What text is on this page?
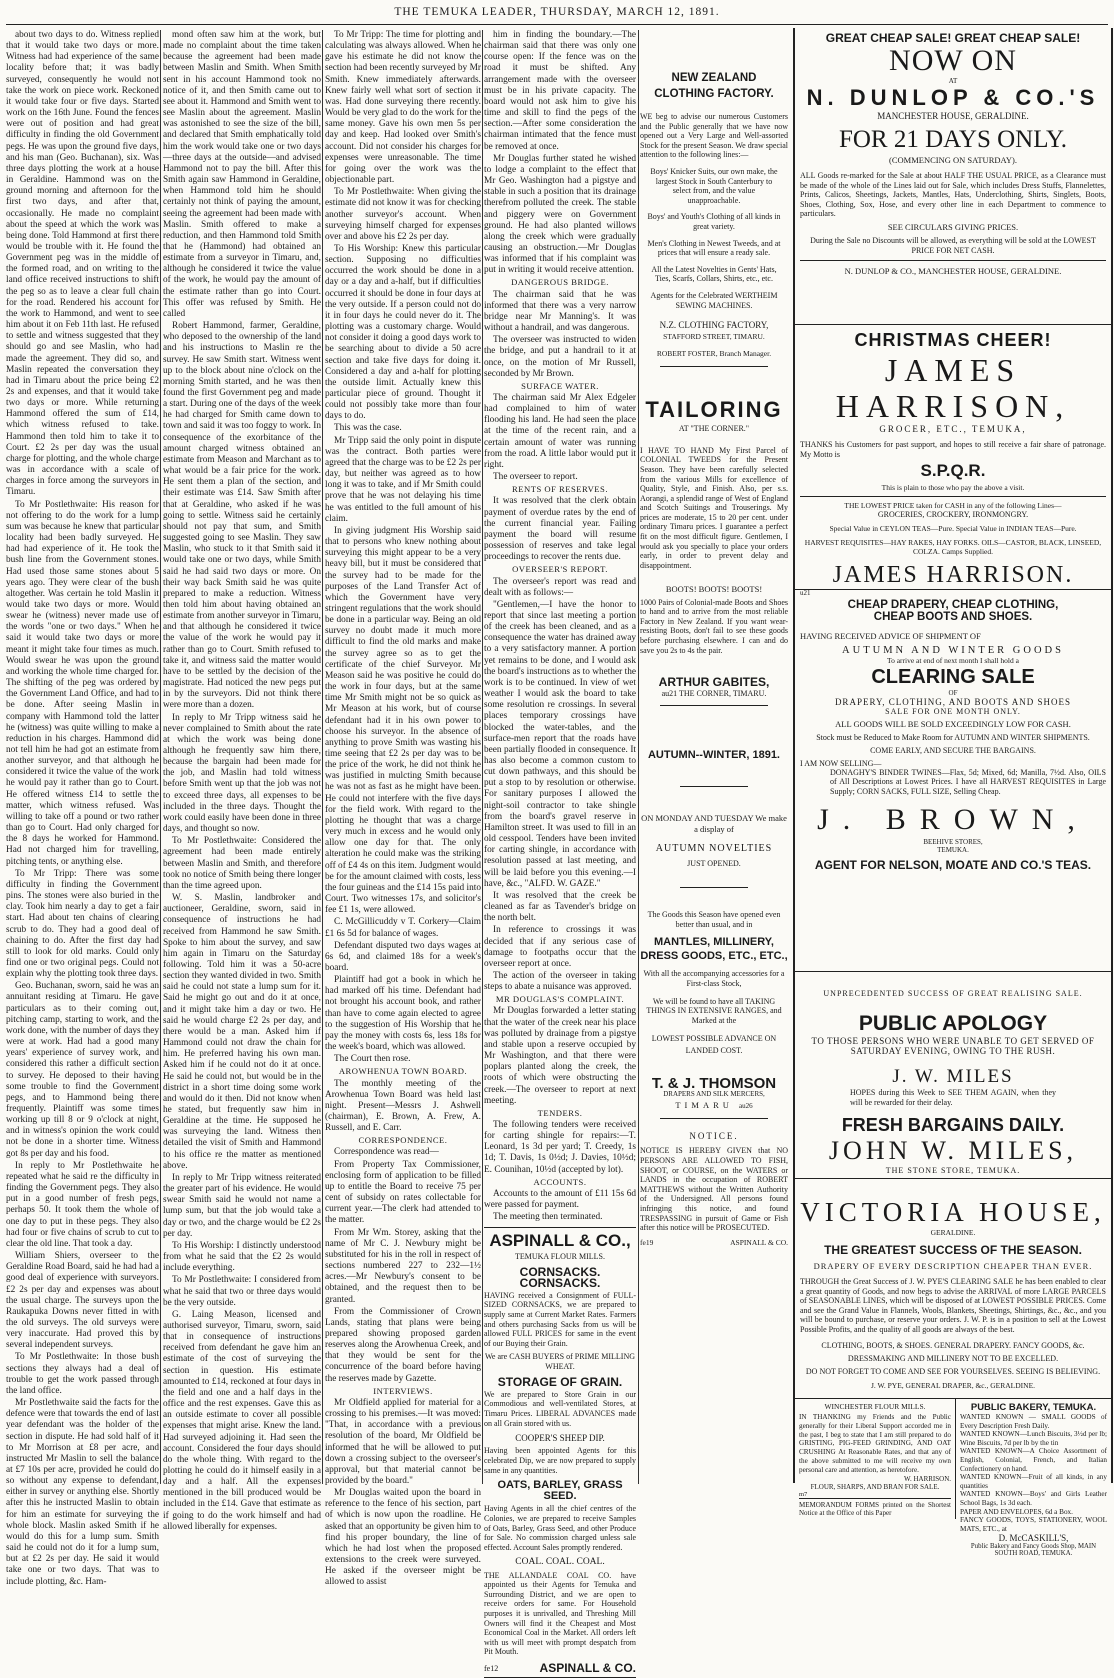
THE TEMUKA LEADER, THURSDAY, MARCH 12, 1891.

about two days to do. Witness replied that it would take two days or more. Witness had had experience of the same locality before that; it was badly surveyed, consequently he would not take the work on piece work. Reckoned it would take four or five days. Started work on the 16th June. Found the fences were out of position and had great difficulty in finding the old Government pegs. He was upon the ground five days, and his man (Geo. Buchanan), six. Was three days plotting the work at a house in Geraldine. Hammond was on the ground morning and afternoon for the first two days, and after that, occasionally. He made no complaint about the speed at which the work was being done. Told Hammond at first there would be trouble with it. He found the Government peg was in the middle of the formed road, and on writing to the land office received instructions to shift the peg so as to leave a clear full chain for the road. Rendered his account for the work to Hammond, and went to see him about it on Feb 11th last. He refused to settle and witness suggested that they should go and see Maslin, who had made the agreement. They did so, and Maslin repeated the conversation they had in Timaru about the price being £2 2s and expenses, and that it would take two days or more. While returning Hammond offered the sum of £14, which witness refused to take. Hammond then told him to take it to Court. £2 2s per day was the usual charge for plotting, and the whole charge was in accordance with a scale of charges in force among the surveyors in Timaru.

To Mr Postlethwaite: His reason for not offering to do the work for a lump sum was because he knew that particular locality had been badly surveyed. He had had experience of it. He took the bush line from the Government stones. Had used those same stones about 5 years ago. They were clear of the bush altogether. Was certain he told Maslin it would take two days or more. Would swear he (witness) never made use of the words "one or two days." When he said it would take two days or more meant it might take four times as much. Would swear he was upon the ground and working the whole time charged for. The shifting of the peg was ordered by the Government Land Office, and had to be done. After seeing Maslin in company with Hammond told the latter he (witness) was quite willing to make a reduction in his charges. Hammond did not tell him he had got an estimate from another surveyor, and that although he considered it twice the value of the work he would pay it rather than go to Court. He offered witness £14 to settle the matter, which witness refused. Was willing to take off a pound or two rather than go to Court. Had only charged for the 8 days he worked for Hammond. Had not charged him for travelling, pitching tents, or anything else.

To Mr Tripp: There was some difficulty in finding the Government pins. The stones were also buried in the clay. Took him nearly a day to get a fair start. Had about ten chains of clearing scrub to do. They had a good deal of chaining to do. After the first day had still to look for old marks. Could only find one or two original pegs. Could not explain why the plotting took three days.

Geo. Buchanan, sworn, said he was an annuitant residing at Timaru. He gave particulars as to their coming out, pitching camp, starting to work, and the work done, with the number of days they were at work. Had had a good many years' experience of survey work, and considered this rather a difficult section to survey. He deposed to their having some trouble to find the Government pegs, and to Hammond being there frequently. Plaintiff was some times working up till 8 or 9 o'clock at night, and in witness's opinion the work could not be done in a shorter time. Witness got 8s per day and his food.

In reply to Mr Postlethwaite he repeated what he said re the difficulty in finding the Government pegs. They also put in a good number of fresh pegs, perhaps 50. It took them the whole of one day to put in these pegs. They also had four or five chains of scrub to cut to clear the old line. That took a day.

William Shiers, overseer to the Geraldine Road Board, said he had had a good deal of experience with surveyors. £2 2s per day and expenses was about the usual charge. The surveys upon the Raukapuka Downs never fitted in with the old surveys. The old surveys were very inaccurate. Had proved this by several independent surveys.

To Mr Postlethwaite: In those bush sections they always had a deal of trouble to get the work passed through the land office.

Mr Postlethwaite said the facts for the defence were that towards the end of last year defendant was the holder of the section in dispute. He had sold half of it to Mr Morrison at £8 per acre, and instructed Mr Maslin to sell the balance at £7 10s per acre, provided he could do so without any expense to defendant, either in survey or anything else. Shortly after this he instructed Maslin to obtain for him an estimate for surveying the whole block. Maslin asked Smith if he would do this for a lump sum. Smith said he could not do it for a lump sum, but at £2 2s per day. He said it would take one or two days. That was to include plotting, &c. Ham-

mond often saw him at the work, but made no complaint about the time taken because the agreement had been made between Maslin and Smith. When Smith sent in his account Hammond took no notice of it, and then Smith came out to see about it. Hammond and Smith went to see Maslin about the agreement. Maslin was astonished to see the size of the bill, and declared that Smith emphatically told him the work would take one or two days—three days at the outside—and advised Hammond not to pay the bill. After this Smith again saw Hammond in Geraldine, when Hammond told him he should certainly not think of paying the amount, seeing the agreement had been made with Maslin. Smith offered to make a reduction, and then Hammond told Smith that he (Hammond) had obtained an estimate from a surveyor in Timaru, and, although he considered it twice the value of the work, he would pay the amount of the estimate rather than go into Court. This offer was refused by Smith. He called

Robert Hammond, farmer, Geraldine, who deposed to the ownership of the land and his instructions to Maslin re the survey. He saw Smith start. Witness went up to the block about nine o'clock on the morning Smith started, and he was then found the first Government peg and made a start. During one of the days of the week he had charged for Smith came down to town and said it was too foggy to work. In consequence of the exorbitance of the amount charged witness obtained an estimate from Meason and Marchant as to what would be a fair price for the work. He sent them a plan of the section, and their estimate was £14. Saw Smith after that at Geraldine, who asked if he was going to settle. Witness said he certainly should not pay that sum, and Smith suggested going to see Maslin. They saw Maslin, who stuck to it that Smith said it would take one or two days, while Smith said he had said two days or more. On their way back Smith said he was quite prepared to make a reduction. Witness then told him about having obtained an estimate from another surveyor in Timaru, and that although he considered it twice the value of the work he would pay it rather than go to Court. Smith refused to take it, and witness said the matter would have to be settled by the decision of the magistrate. Had noticed the new pegs put in by the surveyors. Did not think there were more than a dozen.

In reply to Mr Tripp witness said he never complained to Smith about the rate at which the work was being done although he frequently saw him there, because the bargain had been made for the job, and Maslin had told witness before Smith went up that the job was not to exceed three days, all expenses to be included in the three days. Thought the work could easily have been done in three days, and thought so now.

To Mr Postlethwaite: Considered the agreement had been made entirely between Maslin and Smith, and therefore took no notice of Smith being there longer than the time agreed upon.

W. S. Maslin, landbroker and auctioneer, Geraldine, sworn, said in consequence of instructions he had received from Hammond he saw Smith. Spoke to him about the survey, and saw him again in Timaru on the Saturday following. Told him it was a 50-acre section they wanted divided in two. Smith said he could not state a lump sum for it. Said he might go out and do it at once, and it might take him a day or two. He said he would charge £2 2s per day, and there would be a man. Asked him if Hammond could not draw the chain for him. He preferred having his own man. Asked him if he could not do it at once. He said he could not, but would be in the district in a short time doing some work and would do it then. Did not know when he stated, but frequently saw him in Geraldine at the time. He supposed he was surveying the land. Witness then detailed the visit of Smith and Hammond to his office re the matter as mentioned above.

In reply to Mr Tripp witness reiterated the greater part of his evidence. He would swear Smith said he would not name a lump sum, but that the job would take a day or two, and the charge would be £2 2s per day.

To His Worship: I distinctly understood from what he said that the £2 2s would include everything.

To Mr Postlethwaite: I considered from what he said that two or three days would be the very outside.

G. Laing Meason, licensed and authorised surveyor, Timaru, sworn, said that in consequence of instructions received from defendant he gave him an estimate of the cost of surveying the section in question. His estimate amounted to £14, reckoned at four days in the field and one and a half days in the office and the rest expenses. Gave this as an outside estimate to cover all possible expenses that might arise. Knew the land. Had surveyed adjoining it. Had seen the account. Considered the four days should do the whole thing. With regard to the plotting he could do it himself easily in a day and a half. All the expenses mentioned in the bill produced would be included in the £14. Gave that estimate as if going to do the work himself and had allowed liberally for expenses.

To Mr Tripp: The time for plotting and calculating was always allowed. When he gave his estimate he did not know the section had been recently surveyed by Mr Smith. Knew immediately afterwards. Knew fairly well what sort of section it was. Had done surveying there recently. Would be very glad to do the work for the same money. Gave his own men 5s per day and keep. Had looked over Smith's account. Did not consider his charges for expenses were unreasonable. The time for going over the work was the objectionable part.

To Mr Postlethwaite: When giving the estimate did not know it was for checking another surveyor's account. When surveying himself charged for expenses over and above his £2 2s per day.

To His Worship: Knew this particular section. Supposing no difficulties occurred the work should be done in a day or a day and a-half, but if difficulties occurred it should be done in four days at the very outside. If a person could not do it in four days he could never do it. The plotting was a customary charge. Would not consider it doing a good days work to be searching about to divide a 50 acre section and take five days for doing it. Considered a day and a-half for plotting the outside limit. Actually knew this particular piece of ground. Thought it could not possibly take more than four days to do.

This was the case.

Mr Tripp said the only point in dispute was the contract. Both parties were agreed that the charge was to be £2 2s per day, but neither was agreed as to how long it was to take, and if Mr Smith could prove that he was not delaying his time he was entitled to the full amount of his claim.

In giving judgment His Worship said that to persons who knew nothing about surveying this might appear to be a very heavy bill, but it must be considered that the survey had to be made for the purposes of the Land Transfer Act of which the Government have very stringent regulations that the work should be done in a particular way. Being an old survey no doubt made it much more difficult to find the old marks and make the survey agree so as to get the certificate of the chief Surveyor. Mr Meason said he was positive he could do the work in four days, but at the same time Mr Smith might not be so quick as Mr Meason at his work, but of course defendant had it in his own power to choose his surveyor. In the absence of anything to prove Smith was wasting his time seeing that £2 2s per day was to be the price of the work, he did not think he was justified in mulcting Smith because he was not as fast as he might have been. He could not interfere with the five days for the field work. With regard to the plotting he thought that was a charge very much in excess and he would only allow one day for that. The only alteration he could make was the striking off of £4 4s on this item. Judgment would be for the amount claimed with costs, less the four guineas and the £14 15s paid into Court. Two witnesses 17s, and solicitor's fee £1 1s, were allowed.

C. McGillicuddy v T. Corkery—Claim £1 6s 5d for balance of wages.

Defendant disputed two days wages at 6s 6d, and claimed 18s for a week's board.

Plaintiff had got a book in which he had marked off his time. Defendant had not brought his account book, and rather than have to come again elected to agree to the suggestion of His Worship that he pay the money with costs 6s, less 18s for the week's board, which was allowed.

The Court then rose.

AROWHENUA TOWN BOARD.

The monthly meeting of the Arowhenua Town Board was held last night. Present—Messrs J. Ashwell (chairman), E. Brown, A. Frew, A. Russell, and E. Carr.

CORRESPONDENCE.

Correspondence was read—

From Property Tax Commissioner, enclosing form of application to be filled up to entitle the Board to receive 75 per cent of subsidy on rates collectable for current year.—The clerk had attended to the matter.

From Mr Wm. Storey, asking that the name of Mr C. J. Newbury might be substituted for his in the roll in respect of sections numbered 227 to 232—1½ acres.—Mr Newbury's consent to be obtained, and the request then to be granted.

From the Commissioner of Crown Lands, stating that plans were being prepared showing proposed garden reserves along the Arowhenua Creek, and that they would be sent for the concurrence of the board before having the reserves made by Gazette.

INTERVIEWS.

Mr Oldfield applied for material for a crossing to his premises.—It was moved: "That, in accordance with a previous resolution of the board, Mr Oldfield be informed that he will be allowed to put down a crossing subject to the overseer's approval, but that material cannot be provided by the board."

Mr Douglas waited upon the board in reference to the fence of his section, part of which is now upon the roadline. He asked that an opportunity be given him to find his proper boundary, the line of which he had lost when the proposed extensions to the creek were surveyed. He asked if the overseer might be allowed to assist

him in finding the boundary.—The chairman said that there was only one course open: If the fence was on the road it must be shifted. Any arrangement made with the overseer must be in his private capacity. The board would not ask him to give his time and skill to find the pegs of the section.—After some consideration the chairman intimated that the fence must be removed at once.

Mr Douglas further stated he wished to lodge a complaint to the effect that Mr Geo. Washington had a pigstye and stable in such a position that its drainage therefrom polluted the creek. The stable and piggery were on Government ground. He had also planted willows along the creek which were gradually causing an obstruction.—Mr Douglas was informed that if his complaint was put in writing it would receive attention.

DANGEROUS BRIDGE.

The chairman said that he was informed that there was a very narrow bridge near Mr Manning's. It was without a handrail, and was dangerous.

The overseer was instructed to widen the bridge, and put a handrail to it at once, on the motion of Mr Russell, seconded by Mr Brown.

SURFACE WATER.

The chairman said Mr Alex Edgeler had complained to him of water flooding his land. He had seen the place at the time of the recent rain, and a certain amount of water was running from the road. A little labor would put it right.

The overseer to report.

RENTS OF RESERVES.

It was resolved that the clerk obtain payment of overdue rates by the end of the current financial year. Failing payment the board will resume possession of reserves and take legal proceedings to recover the rents due.

OVERSEER'S REPORT.

The overseer's report was read and dealt with as follows:—

"Gentlemen,—I have the honor to report that since last meeting a portion of the creek has been cleaned, and as a consequence the water has drained away to a very satisfactory manner. A portion yet remains to be done, and I would ask the board's instructions as to whether the work is to be continued. In view of wet weather I would ask the board to take some resolution re crossings. In several places temporary crossings have blocked the water-tables, and the surface-men report that the roads have been partially flooded in consequence. It has also become a common custom to cut down pathways, and this should be put a stop to by resolution or otherwise. For sanitary purposes I allowed the night-soil contractor to take shingle from the board's gravel reserve in Hamilton street. It was used to fill in an old cesspool. Tenders have been invited for carting shingle, in accordance with resolution passed at last meeting, and will be laid before you this evening.—I have, &c., "ALFD. W. GAZE."

It was resolved that the creek be cleaned as far as Tavender's bridge on the north belt.

In reference to crossings it was decided that if any serious case of damage to footpaths occur that the overseer report at once.

The action of the overseer in taking steps to abate a nuisance was approved.

MR DOUGLAS'S COMPLAINT.

Mr Douglas forwarded a letter stating that the water of the creek near his place was polluted by drainage from a pigstye and stable upon a reserve occupied by Mr Washington, and that there were poplars planted along the creek, the roots of which were obstructing the creek.—The overseer to report at next meeting.

TENDERS.

The following tenders were received for carting shingle for repairs:—T. Leonard, 1s 3d per yard; T. Creedy, 1s 1d; T. Davis, 1s 0½d; J. Davies, 10½d; E. Counihan, 10½d (accepted by lot).

ACCOUNTS.

Accounts to the amount of £11 15s 6d were passed for payment.

The meeting then terminated.

ASPINALL & CO.,
TEMUKA FLOUR MILLS.
CORNSACKS. CORNSACKS.
HAVING received a Consignment of FULL-SIZED CORNSACKS, we are prepared to supply same at Current Market Rates. Farmers and others purchasing Sacks from us will be allowed FULL PRICES for same in the event of our Buying their Grain.
We are CASH BUYERS of PRIME MILLING WHEAT.
STORAGE OF GRAIN.
We are prepared to Store Grain in our Commodious and well-ventilated Stores, at Timaru Prices. LIBERAL ADVANCES made on all Grain stored with us.
COOPER'S SHEEP DIP.
Having been appointed Agents for this celebrated Dip, we are now prepared to supply same in any quantities.
OATS, BARLEY, GRASS SEED.
Having Agents in all the chief centres of the Colonies, we are prepared to receive Samples of Oats, Barley, Grass Seed, and other Produce for Sale. No commission charged unless sale effected. Account Sales promptly rendered.
COAL. COAL. COAL.
THE ALLANDALE COAL CO. have appointed us their Agents for Temuka and Surrounding District, and we are open to receive orders for same. For Household purposes it is unrivalled, and Threshing Mill Owners will find it the Cheapest and Most Economical Coal in the Market. All orders left with us will meet with prompt despatch from Pit Mouth.
fe12	ASPINALL & CO.
NEW ZEALAND CLOTHING FACTORY.
WE beg to advise our numerous Customers and the Public generally that we have now opened out a Very Large and Well-assorted Stock for the present Season. We draw special attention to the following lines:—
Boys' Knicker Suits, our own make, the largest Stock in South Canterbury to select from, and the value unapproachable.
Boys' and Youth's Clothing of all kinds in great variety.
Men's Clothing in Newest Tweeds, and at prices that will ensure a ready sale.
All the Latest Novelties in Gents' Hats, Ties, Scarfs, Collars, Shirts, etc., etc.
Agents for the Celebrated WERTHEIM SEWING MACHINES.
N.Z. CLOTHING FACTORY,
STAFFORD STREET, TIMARU.
ROBERT FOSTER, Branch Manager.
TAILORING
AT "THE CORNER."
I HAVE TO HAND My First Parcel of COLONIAL TWEEDS for the Present Season. They have been carefully selected from the various Mills for excellence of Quality, Style, and Finish. Also, per s.s. Aorangi, a splendid range of West of England and Scotch Suitings and Trouserings. My prices are moderate, 15 to 20 per cent. under ordinary Timaru prices. I guarantee a perfect fit on the most difficult figure. Gentlemen, I would ask you specially to place your orders early, in order to prevent delay and disappointment.
BOOTS! BOOTS! BOOTS!
1000 Pairs of Colonial-made Boots and Shoes to hand and to arrive from the most reliable Factory in New Zealand. If you want wear-resisting Boots, don't fail to see these goods before purchasing elsewhere. I can and do save you 2s to 4s the pair.
ARTHUR GABITES,
au21 THE CORNER, TIMARU.
AUTUMN--WINTER, 1891.
ON MONDAY AND TUESDAY We make a display of
AUTUMN NOVELTIES
JUST OPENED.
The Goods this Season have opened even better than usual, and in
MANTLES, MILLINERY, DRESS GOODS, ETC., ETC.,
With all the accompanying accessories for a First-class Stock,
We will be found to have all TAKING THINGS IN EXTENSIVE RANGES, and Marked at the
LOWEST POSSIBLE ADVANCE ON LANDED COST.
T. & J. THOMSON
DRAPERS AND SILK MERCERS,
TIMARU au26
NOTICE.
NOTICE IS HEREBY GIVEN that NO PERSONS ARE ALLOWED TO FISH, SHOOT, or COURSE, on the WATERS or LANDS in the occupation of ROBERT MATTHEWS without the Written Authority of the Undersigned. All persons found infringing this notice, and found TRESPASSING in pursuit of Game or Fish after this notice will be PROSECUTED.
fe19	ASPINALL & CO.
GREAT CHEAP SALE! GREAT CHEAP SALE!
NOW ON
AT
N. DUNLOP & CO.'S
MANCHESTER HOUSE, GERALDINE.
FOR 21 DAYS ONLY.
(COMMENCING ON SATURDAY).
ALL Goods re-marked for the Sale at about HALF THE USUAL PRICE, as a Clearance must be made of the whole of the Lines laid out for Sale, which includes Dress Stuffs, Flannelettes, Prints, Calicos, Sheetings, Jackets, Mantles, Hats, Underclothing, Shirts, Singlets, Boots, Shoes, Clothing, Sox, Hose, and every other line in each Department to commence to particulars.
SEE CIRCULARS GIVING PRICES.
During the Sale no Discounts will be allowed, as everything will be sold at the LOWEST PRICE FOR NET CASH.
N. DUNLOP & CO., MANCHESTER HOUSE, GERALDINE.
CHRISTMAS CHEER!
JAMES HARRISON,
GROCER, ETC., TEMUKA,
THANKS his Customers for past support, and hopes to still receive a fair share of patronage. My Motto is
S.P.Q.R.
This is plain to those who pay the above a visit.
THE LOWEST PRICE taken for CASH in any of the following Lines—
GROCERIES, CROCKERY, IRONMONGRY.
Special Value in CEYLON TEAS—Pure. Special Value in INDIAN TEAS—Pure.
HARVEST REQUISITES—HAY RAKES, HAY FORKS. OILS—CASTOR, BLACK, LINSEED, COLZA. Camps Supplied.
JAMES HARRISON.
u21
CHEAP DRAPERY, CHEAP CLOTHING,
CHEAP BOOTS AND SHOES.
HAVING RECEIVED ADVICE OF SHIPMENT OF
AUTUMN AND WINTER GOODS
To arrive at end of next month I shall hold a
CLEARING SALE
OF
DRAPERY, CLOTHING, AND BOOTS AND SHOES
SALE FOR ONE MONTH ONLY.
ALL GOODS WILL BE SOLD EXCEEDINGLY LOW FOR CASH.
Stock must be Reduced to Make Room for AUTUMN AND WINTER SHIPMENTS.
COME EARLY, AND SECURE THE BARGAINS.
I AM NOW SELLING—
DONAGHY'S BINDER TWINES—Flax, 5d; Mixed, 6d; Manilla, 7½d. Also, OILS of All Descriptions at Lowest Prices. I have all HARVEST REQUISITES in Large Supply; CORN SACKS, FULL SIZE, Selling Cheap.
J. BROWN,
BEEHIVE STORES,
TEMUKA.
AGENT FOR NELSON, MOATE AND CO.'S TEAS.
UNPRECEDENTED SUCCESS OF GREAT REALISING SALE.
PUBLIC APOLOGY
TO THOSE PERSONS WHO WERE UNABLE TO GET SERVED OF SATURDAY EVENING, OWING TO THE RUSH.
J. W. MILES
HOPES during this Week to SEE THEM AGAIN, when they will be rewarded for their delay.
FRESH BARGAINS DAILY.
JOHN W. MILES,
THE STONE STORE, TEMUKA.
VICTORIA HOUSE,
GERALDINE.
THE GREATEST SUCCESS OF THE SEASON.
DRAPERY OF EVERY DESCRIPTION CHEAPER THAN EVER.
THROUGH the Great Success of J. W. PYE'S CLEARING SALE he has been enabled to clear a great quantity of Goods, and now begs to advise the ARRIVAL of more LARGE PARCELS of SEASONABLE LINES, which will be disposed of at LOWEST POSSIBLE PRICES. Come and see the Grand Value in Flannels, Wools, Blankets, Sheetings, Shirtings, &c., &c., and you will be bound to purchase, or reserve your orders. J. W. P. is in a position to sell at the Lowest Possible Profits, and the quality of all goods are always of the best.
CLOTHING, BOOTS, & SHOES. GENERAL DRAPERY. FANCY GOODS, &c.
DRESSMAKING AND MILLINERY NOT TO BE EXCELLED.
DO NOT FORGET TO COME AND SEE FOR YOURSELVES. SEEING IS BELIEVING.
J. W. PYE, GENERAL DRAPER, &c., GERALDINE.
WINCHESTER FLOUR MILLS.
IN THANKING my Friends and the Public generally for their Liberal Support accorded me in the past, I beg to state that I am still prepared to do GRISTING, PIG-FEED GRINDING, AND OAT CRUSHING At Reasonable Rates, and that any of the above submitted to me will receive my own personal care and attention, as heretofore.
W. HARRISON.
FLOUR, SHARPS, AND BRAN FOR SALE.
m7
MEMORANDUM FORMS printed on the Shortest Notice at the Office of this Paper
PUBLIC BAKERY, TEMUKA.
WANTED KNOWN — SMALL GOODS of Every Description Fresh Daily.
WANTED KNOWN—Lunch Biscuits, 3½d per lb; Wine Biscuits, 7d per lb by the tin
WANTED KNOWN—A Choice Assortment of English, Colonial, French, and Italian Confectionery on hand.
WANTED KNOWN—Fruit of all kinds, in any quantities
WANTED KNOWN—Boys' and Girls Leather School Bags, 1s 3d each.
PAPER AND ENVELOPES, 6d a Box.
FANCY GOODS, TOYS, STATIONERY, WOOL MATS, ETC., at
D. McCASKILL'S,
Public Bakery and Fancy Goods Shop, MAIN SOUTH ROAD, TEMUKA.
